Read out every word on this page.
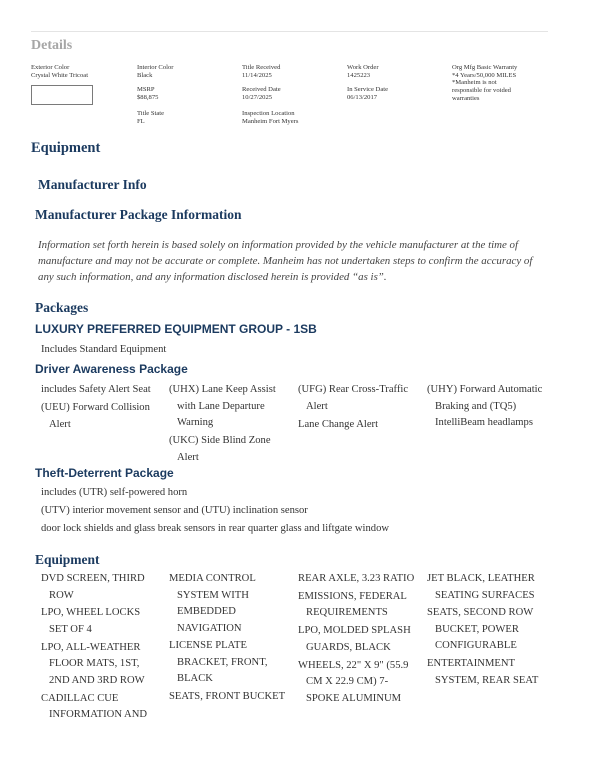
Details
Exterior Color
Crystal White Tricoat
Interior Color
Black
MSRP
$88,875
Title State
FL
Title Received
11/14/2025
Received Date
10/27/2025
Inspection Location
Manheim Fort Myers
Work Order
1425223
In Service Date
06/13/2017
Org Mfg Basic Warranty
*4 Years/50,000 MILES *Manheim is not responsible for voided warranties
Equipment
Manufacturer Info
Manufacturer Package Information
Information set forth herein is based solely on information provided by the vehicle manufacturer at the time of manufacture and may not be accurate or complete. Manheim has not undertaken steps to confirm the accuracy of any such information, and any information disclosed herein is provided “as is”.
Packages
LUXURY PREFERRED EQUIPMENT GROUP - 1SB
Includes Standard Equipment
Driver Awareness Package
includes Safety Alert Seat
(UEU) Forward Collision Alert
(UHX) Lane Keep Assist with Lane Departure Warning
(UKC) Side Blind Zone Alert
(UFG) Rear Cross-Traffic Alert
Lane Change Alert
(UHY) Forward Automatic Braking and (TQ5) IntelliBeam headlamps
Theft-Deterrent Package
includes (UTR) self-powered horn
(UTV) interior movement sensor and (UTU) inclination sensor
door lock shields and glass break sensors in rear quarter glass and liftgate window
Equipment
DVD SCREEN, THIRD ROW
LPO, WHEEL LOCKS SET OF 4
LPO, ALL-WEATHER FLOOR MATS, 1ST, 2ND AND 3RD ROW
CADILLAC CUE INFORMATION AND
MEDIA CONTROL SYSTEM WITH EMBEDDED NAVIGATION
LICENSE PLATE BRACKET, FRONT, BLACK
SEATS, FRONT BUCKET
REAR AXLE, 3.23 RATIO
EMISSIONS, FEDERAL REQUIREMENTS
LPO, MOLDED SPLASH GUARDS, BLACK
WHEELS, 22" X 9" (55.9 CM X 22.9 CM) 7-SPOKE ALUMINUM
JET BLACK, LEATHER SEATING SURFACES
SEATS, SECOND ROW BUCKET, POWER CONFIGURABLE
ENTERTAINMENT SYSTEM, REAR SEAT
